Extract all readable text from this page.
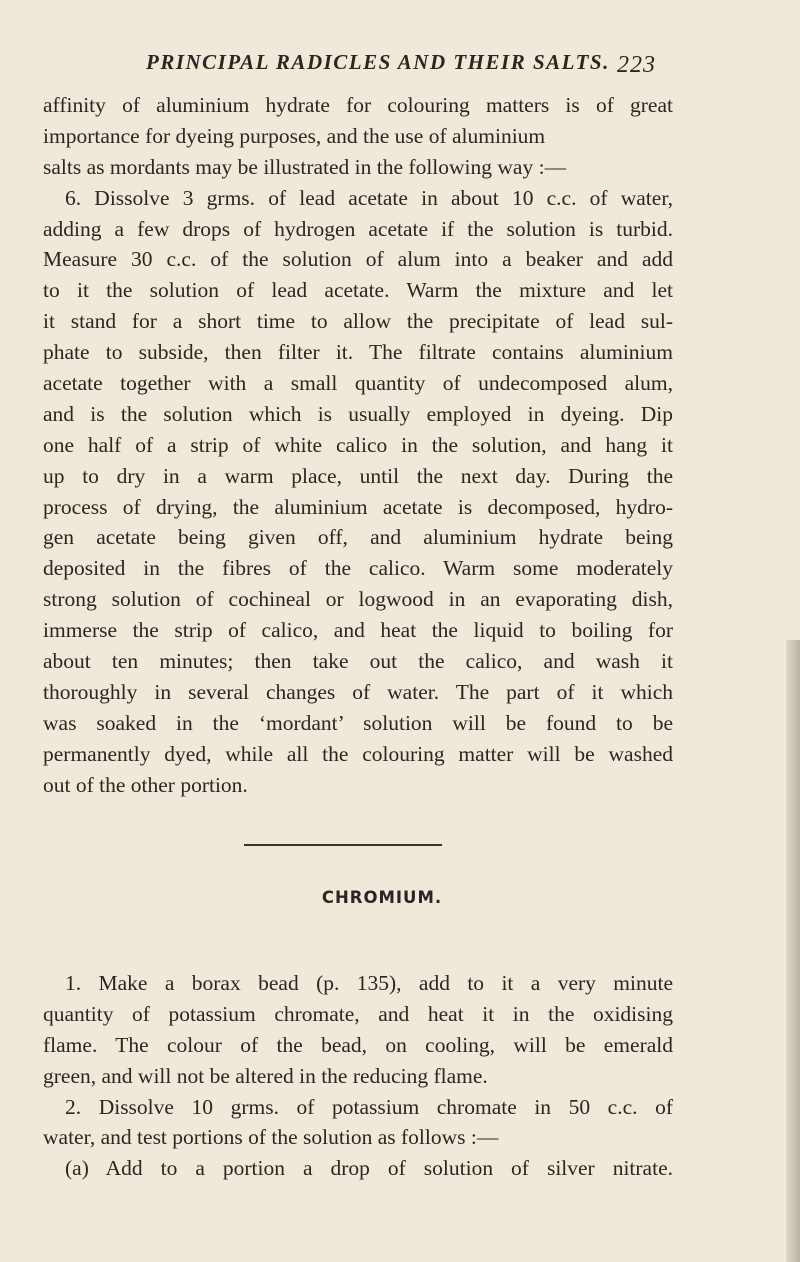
PRINCIPAL RADICLES AND THEIR SALTS. 223
affinity of aluminium hydrate for colouring matters is of great
importance for dyeing purposes, and the use of aluminium
salts as mordants may be illustrated in the following way :—
6. Dissolve 3 grms. of lead acetate in about 10 c.c. of water,
adding a few drops of hydrogen acetate if the solution is turbid.
Measure 30 c.c. of the solution of alum into a beaker and add
to it the solution of lead acetate. Warm the mixture and let
it stand for a short time to allow the precipitate of lead sul-
phate to subside, then filter it. The filtrate contains aluminium
acetate together with a small quantity of undecomposed alum,
and is the solution which is usually employed in dyeing. Dip
one half of a strip of white calico in the solution, and hang it
up to dry in a warm place, until the next day. During the
process of drying, the aluminium acetate is decomposed, hydro-
gen acetate being given off, and aluminium hydrate being
deposited in the fibres of the calico. Warm some moderately
strong solution of cochineal or logwood in an evaporating dish,
immerse the strip of calico, and heat the liquid to boiling for
about ten minutes; then take out the calico, and wash it
thoroughly in several changes of water. The part of it which
was soaked in the ‘mordant’ solution will be found to be
permanently dyed, while all the colouring matter will be washed
out of the other portion.
CHROMIUM.
1. Make a borax bead (p. 135), add to it a very minute
quantity of potassium chromate, and heat it in the oxidising
flame. The colour of the bead, on cooling, will be emerald
green, and will not be altered in the reducing flame.
2. Dissolve 10 grms. of potassium chromate in 50 c.c. of
water, and test portions of the solution as follows :—
(a) Add to a portion a drop of solution of silver nitrate.
